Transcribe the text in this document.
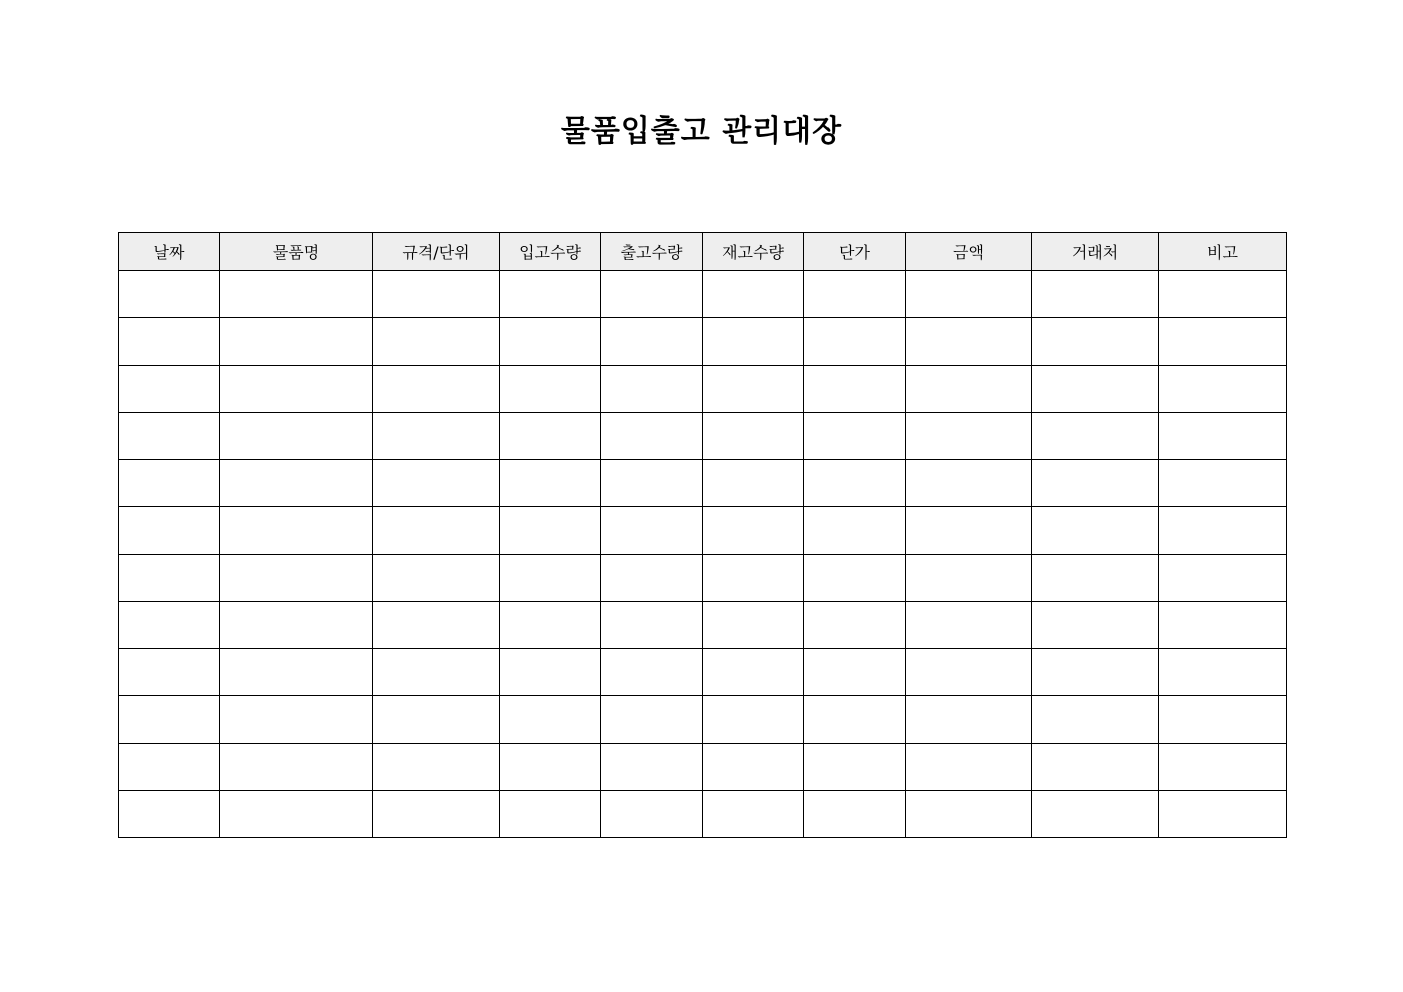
물품입출고 관리대장
날짜	물품명	규격/단위	입고수량	출고수량	재고수량	단가	금액	거래처	비고
